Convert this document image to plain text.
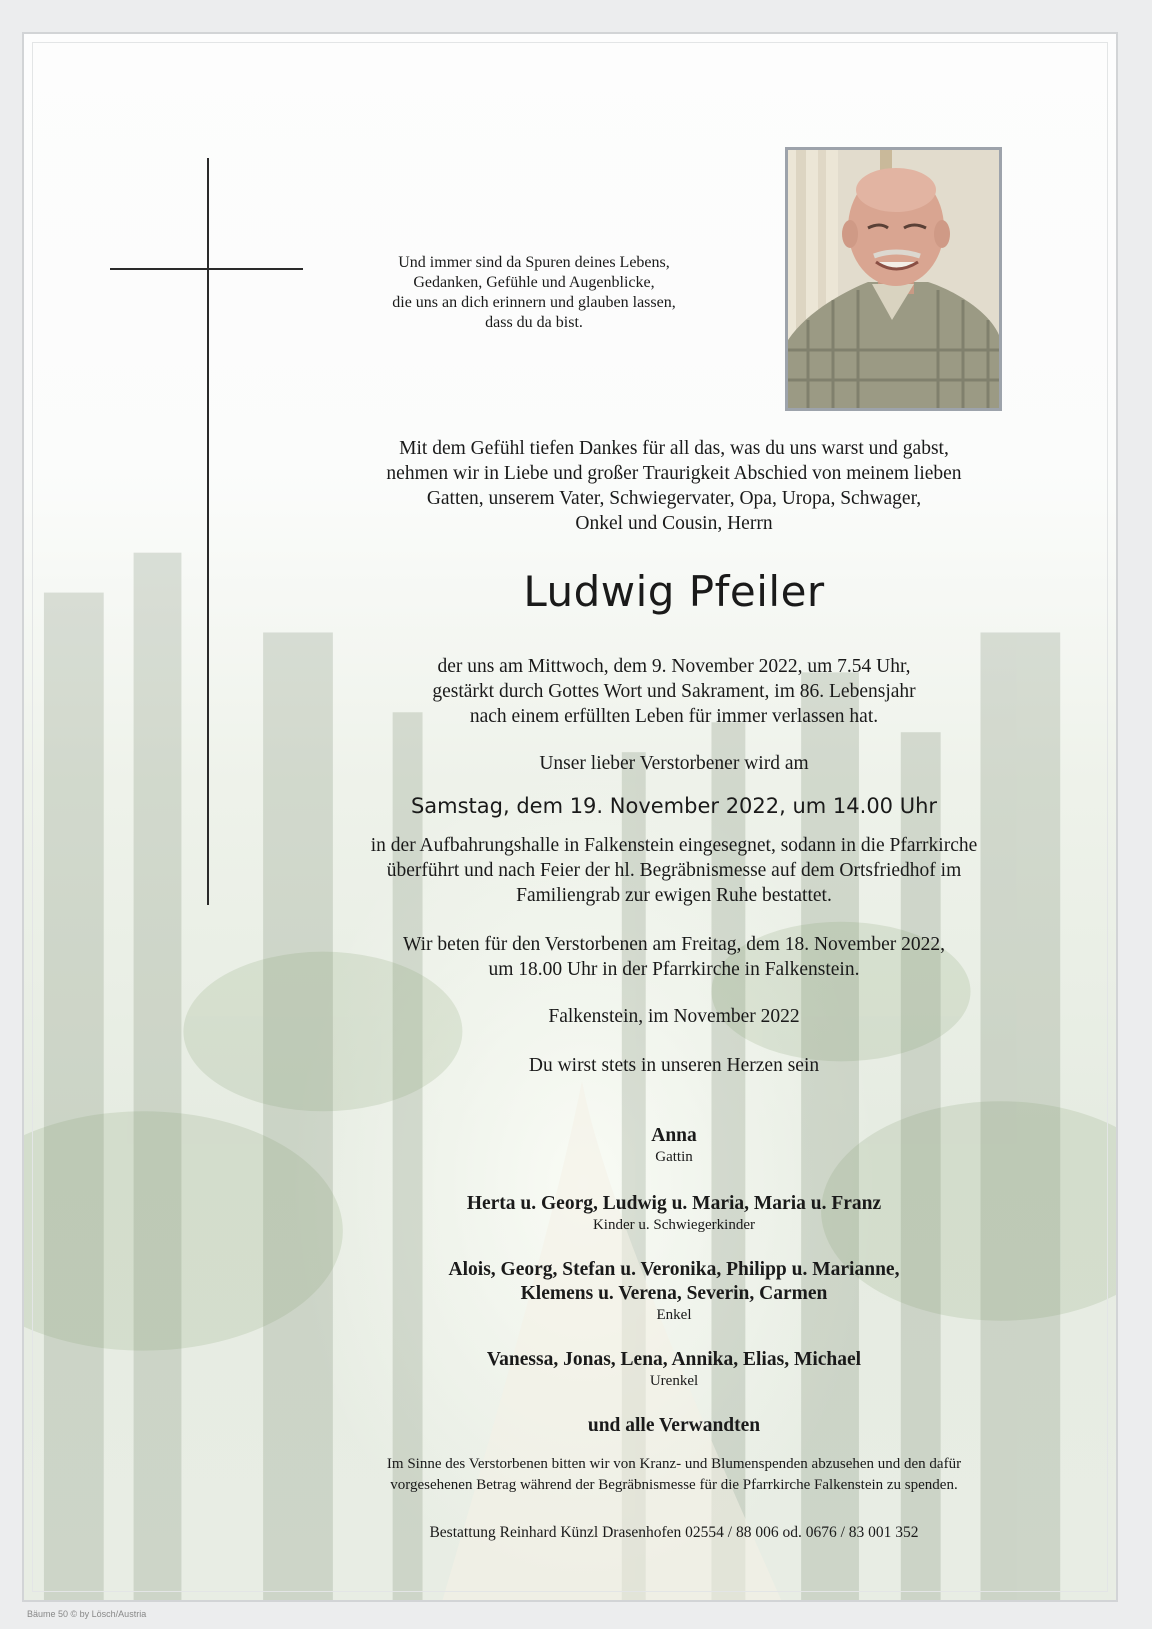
Und immer sind da Spuren deines Lebens,
Gedanken, Gefühle und Augenblicke,
die uns an dich erinnern und glauben lassen,
dass du da bist.
Mit dem Gefühl tiefen Dankes für all das, was du uns warst und gabst,
nehmen wir in Liebe und großer Traurigkeit Abschied von meinem lieben
Gatten, unserem Vater, Schwiegervater, Opa, Uropa, Schwager,
Onkel und Cousin, Herrn
Ludwig Pfeiler
der uns am Mittwoch, dem 9. November 2022, um 7.54 Uhr,
gestärkt durch Gottes Wort und Sakrament, im 86. Lebensjahr
nach einem erfüllten Leben für immer verlassen hat.
Unser lieber Verstorbener wird am
Samstag, dem 19. November 2022, um 14.00 Uhr
in der Aufbahrungshalle in Falkenstein eingesegnet, sodann in die Pfarrkirche
überführt und nach Feier der hl. Begräbnismesse auf dem Ortsfriedhof im
Familiengrab zur ewigen Ruhe bestattet.
Wir beten für den Verstorbenen am Freitag, dem 18. November 2022,
um 18.00 Uhr in der Pfarrkirche in Falkenstein.
Falkenstein, im November 2022
Du wirst stets in unseren Herzen sein
Anna
Gattin
Herta u. Georg, Ludwig u. Maria, Maria u. Franz
Kinder u. Schwiegerkinder
Alois, Georg, Stefan u. Veronika, Philipp u. Marianne,
Klemens u. Verena, Severin, Carmen
Enkel
Vanessa, Jonas, Lena, Annika, Elias, Michael
Urenkel
und alle Verwandten
Im Sinne des Verstorbenen bitten wir von Kranz- und Blumenspenden abzusehen und den dafür
vorgesehenen Betrag während der Begräbnismesse für die Pfarrkirche Falkenstein zu spenden.
Bestattung Reinhard Künzl Drasenhofen 02554 / 88 006 od. 0676 / 83 001 352
Bäume 50 © by Lösch/Austria
